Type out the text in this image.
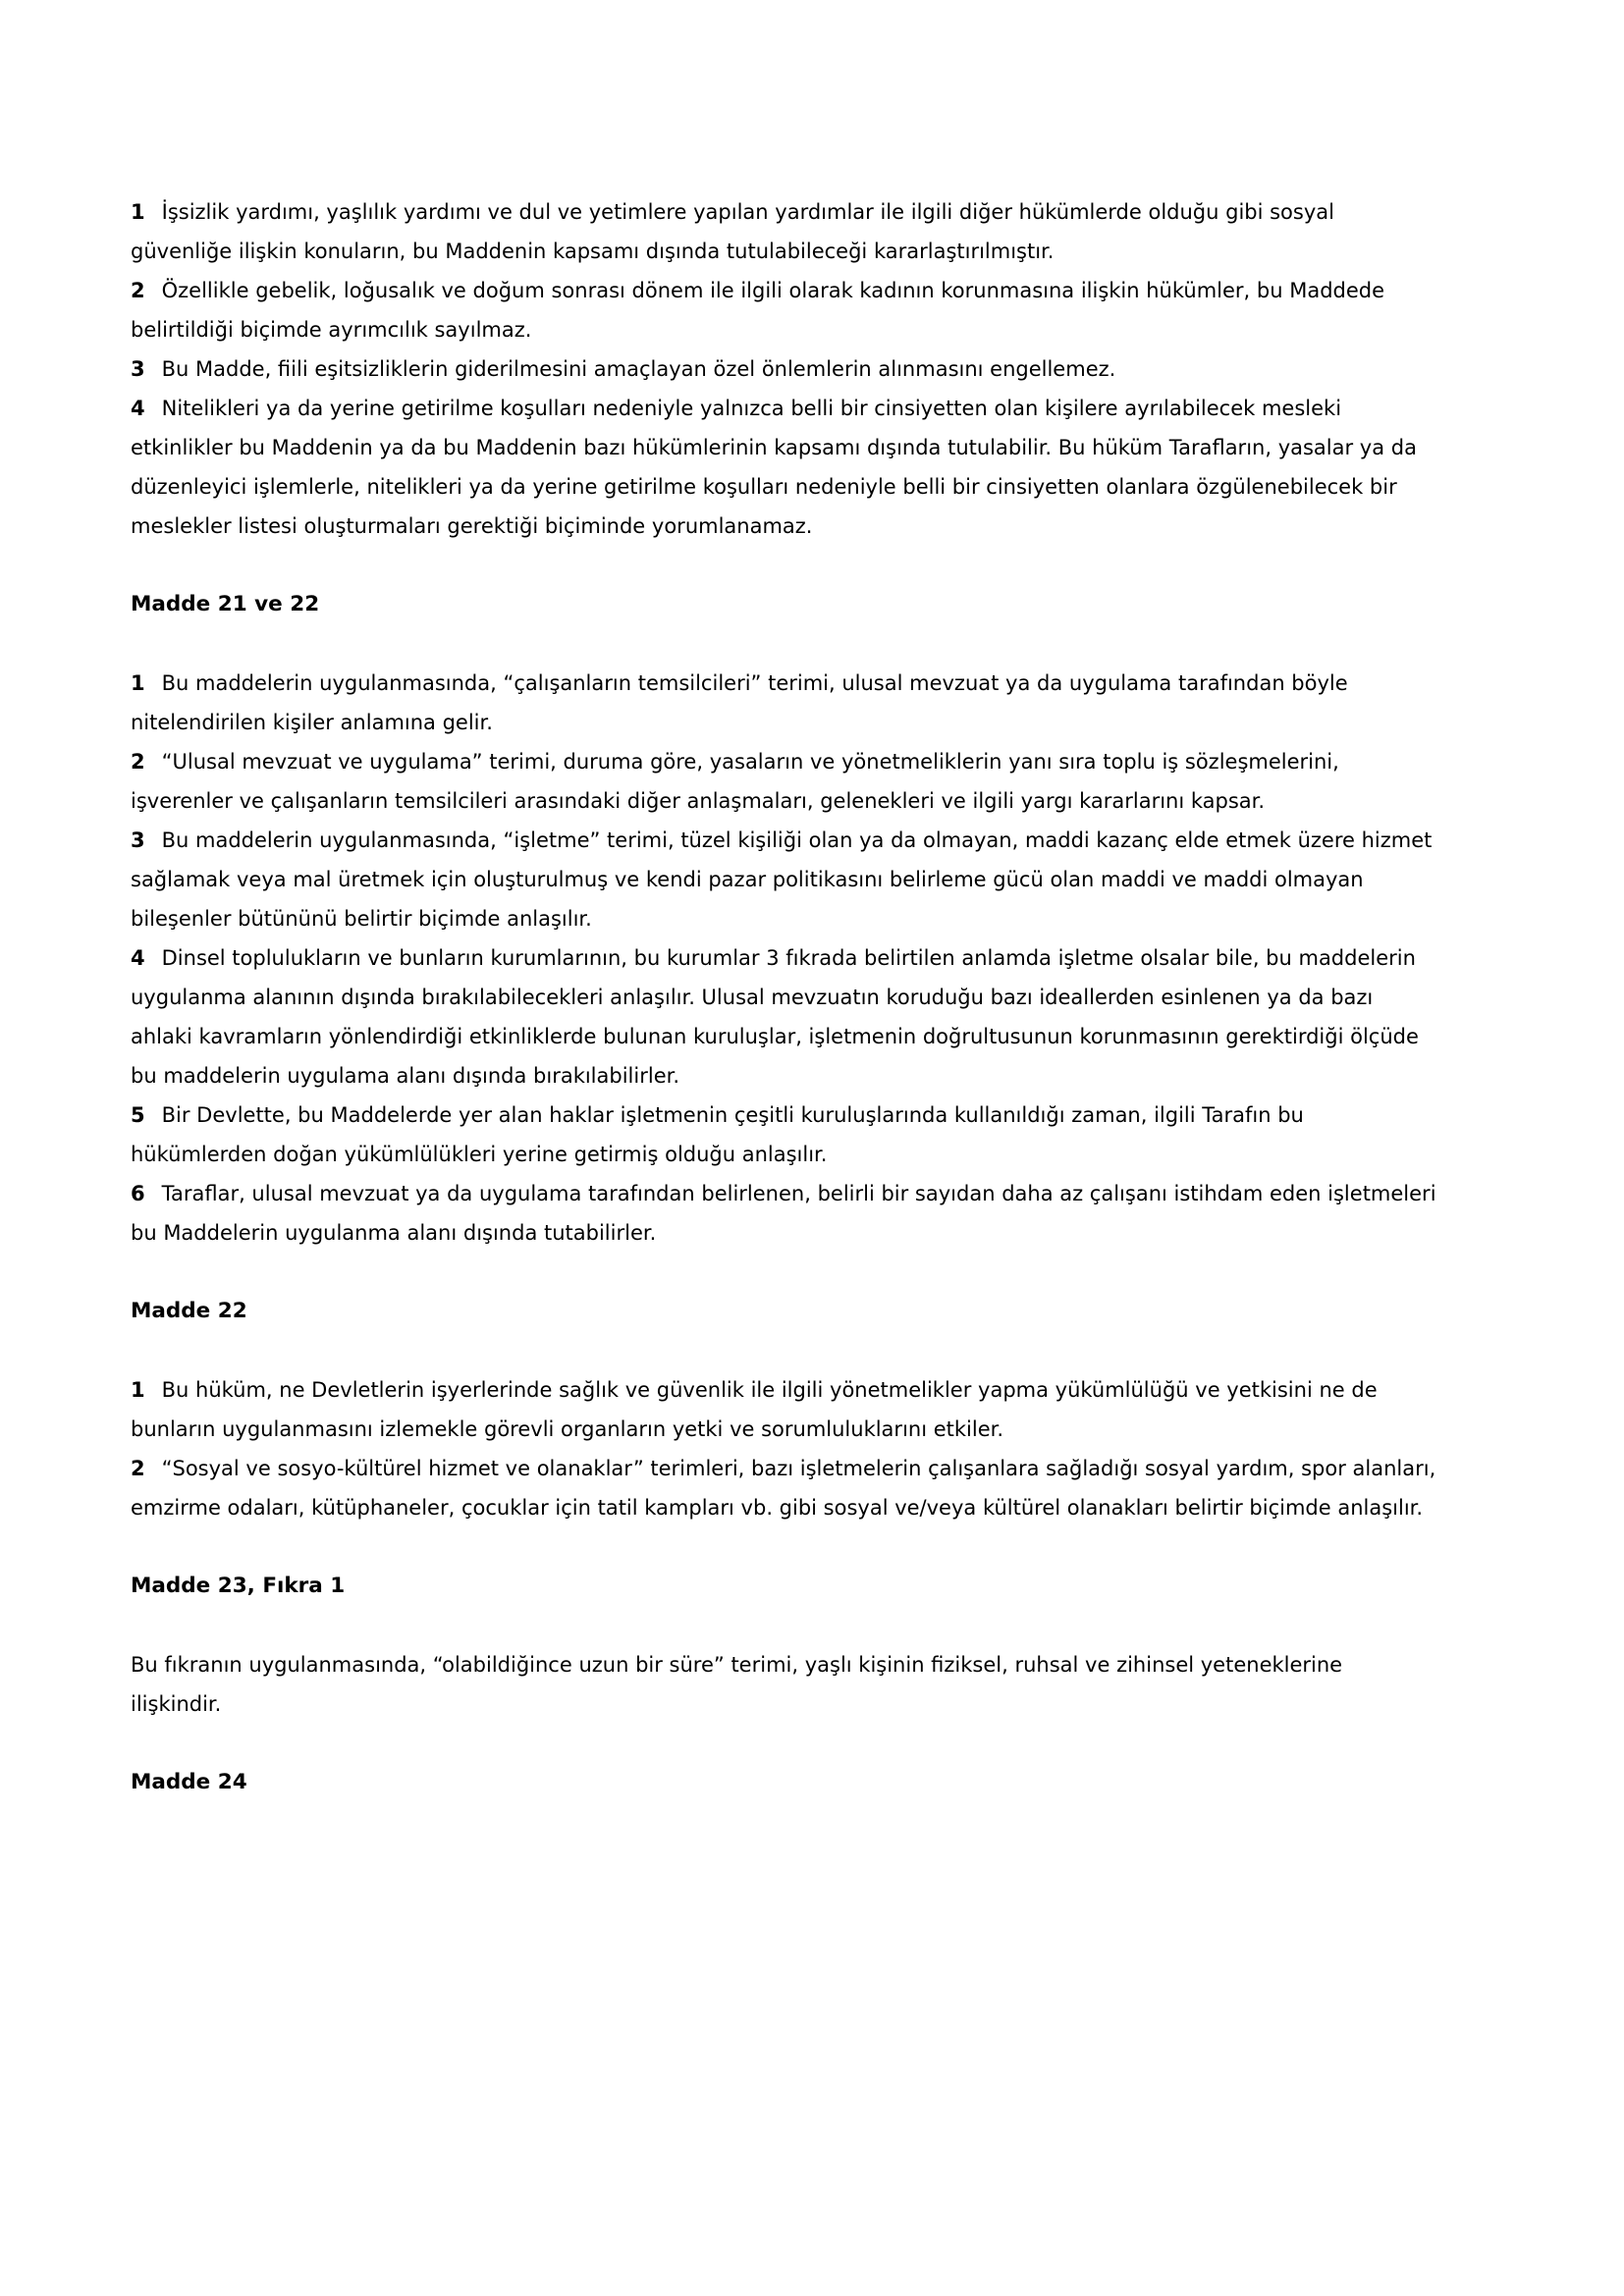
1 İşsizlik yardımı, yaşlılık yardımı ve dul ve yetimlere yapılan yardımlar ile ilgili diğer hükümlerde olduğu gibi sosyal güvenliğe ilişkin konuların, bu Maddenin kapsamı dışında tutulabileceği kararlaştırılmıştır.

2 Özellikle gebelik, loğusalık ve doğum sonrası dönem ile ilgili olarak kadının korunmasına ilişkin hükümler, bu Maddede belirtildiği biçimde ayrımcılık sayılmaz.

3 Bu Madde, fiili eşitsizliklerin giderilmesini amaçlayan özel önlemlerin alınmasını engellemez.

4 Nitelikleri ya da yerine getirilme koşulları nedeniyle yalnızca belli bir cinsiyetten olan kişilere ayrılabilecek mesleki etkinlikler bu Maddenin ya da bu Maddenin bazı hükümlerinin kapsamı dışında tutulabilir. Bu hüküm Tarafların, yasalar ya da düzenleyici işlemlerle, nitelikleri ya da yerine getirilme koşulları nedeniyle belli bir cinsiyetten olanlara özgülenebilecek bir meslekler listesi oluşturmaları gerektiği biçiminde yorumlanamaz.

Madde 21 ve 22

1 Bu maddelerin uygulanmasında, “çalışanların temsilcileri” terimi, ulusal mevzuat ya da uygulama tarafından böyle nitelendirilen kişiler anlamına gelir.

2 “Ulusal mevzuat ve uygulama” terimi, duruma göre, yasaların ve yönetmeliklerin yanı sıra toplu iş sözleşmelerini, işverenler ve çalışanların temsilcileri arasındaki diğer anlaşmaları, gelenekleri ve ilgili yargı kararlarını kapsar.

3 Bu maddelerin uygulanmasında, “işletme” terimi, tüzel kişiliği olan ya da olmayan, maddi kazanç elde etmek üzere hizmet sağlamak veya mal üretmek için oluşturulmuş ve kendi pazar politikasını belirleme gücü olan maddi ve maddi olmayan bileşenler bütününü belirtir biçimde anlaşılır.

4 Dinsel toplulukların ve bunların kurumlarının, bu kurumlar 3 fıkrada belirtilen anlamda işletme olsalar bile, bu maddelerin uygulanma alanının dışında bırakılabilecekleri anlaşılır. Ulusal mevzuatın koruduğu bazı ideallerden esinlenen ya da bazı ahlaki kavramların yönlendirdiği etkinliklerde bulunan kuruluşlar, işletmenin doğrultusunun korunmasının gerektirdiği ölçüde bu maddelerin uygulama alanı dışında bırakılabilirler.

5 Bir Devlette, bu Maddelerde yer alan haklar işletmenin çeşitli kuruluşlarında kullanıldığı zaman, ilgili Tarafın bu hükümlerden doğan yükümlülükleri yerine getirmiş olduğu anlaşılır.

6 Taraflar, ulusal mevzuat ya da uygulama tarafından belirlenen, belirli bir sayıdan daha az çalışanı istihdam eden işletmeleri bu Maddelerin uygulanma alanı dışında tutabilirler.

Madde 22

1 Bu hüküm, ne Devletlerin işyerlerinde sağlık ve güvenlik ile ilgili yönetmelikler yapma yükümlülüğü ve yetkisini ne de bunların uygulanmasını izlemekle görevli organların yetki ve sorumluluklarını etkiler.

2 “Sosyal ve sosyo-kültürel hizmet ve olanaklar” terimleri, bazı işletmelerin çalışanlara sağladığı sosyal yardım, spor alanları, emzirme odaları, kütüphaneler, çocuklar için tatil kampları vb. gibi sosyal ve/veya kültürel olanakları belirtir biçimde anlaşılır.

Madde 23, Fıkra 1

Bu fıkranın uygulanmasında, “olabildiğince uzun bir süre” terimi, yaşlı kişinin fiziksel, ruhsal ve zihinsel yeteneklerine ilişkindir.

Madde 24
